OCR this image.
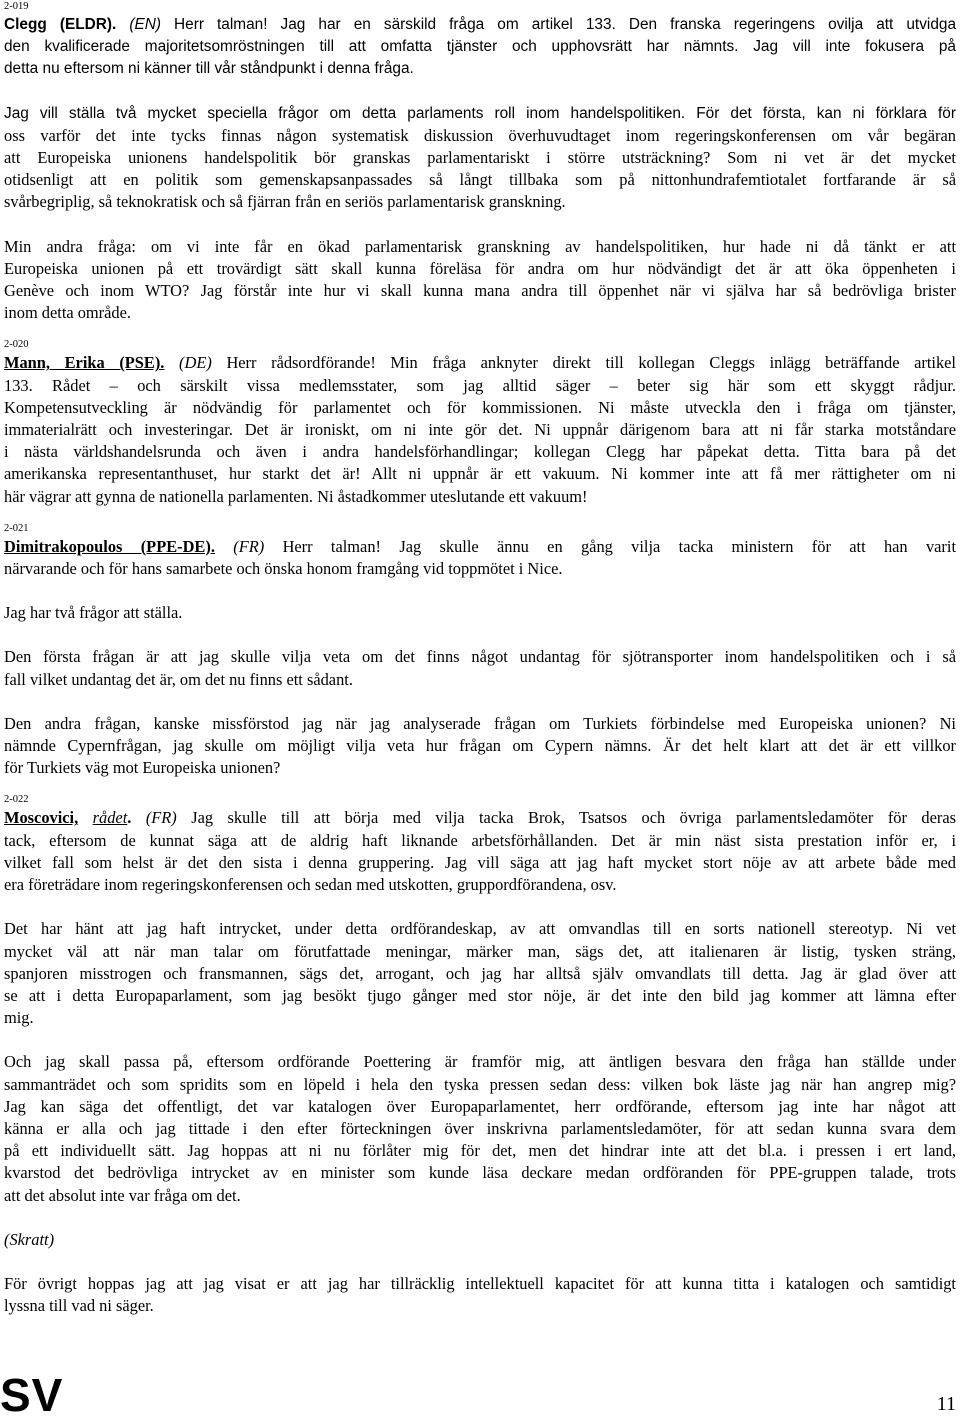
2-019
Clegg (ELDR). (EN) Herr talman! Jag har en särskild fråga om artikel 133. Den franska regeringens ovilja att utvidga
den kvalificerade majoritetsomröstningen till att omfatta tjänster och upphovsrätt har nämnts. Jag vill inte fokusera på
detta nu eftersom ni känner till vår ståndpunkt i denna fråga.
Jag vill ställa två mycket speciella frågor om detta parlaments roll inom handelspolitiken. För det första, kan ni förklara för
oss varför det inte tycks finnas någon systematisk diskussion överhuvudtaget inom regeringskonferensen om vår begäran
att Europeiska unionens handelspolitik bör granskas parlamentariskt i större utsträckning? Som ni vet är det mycket
otidsenligt att en politik som gemenskapsanpassades så långt tillbaka som på nittonhundrafemtiotalet fortfarande är så
svårbegriplig, så teknokratisk och så fjärran från en seriös parlamentarisk granskning.
Min andra fråga: om vi inte får en ökad parlamentarisk granskning av handelspolitiken, hur hade ni då tänkt er att
Europeiska unionen på ett trovärdigt sätt skall kunna föreläsa för andra om hur nödvändigt det är att öka öppenheten i
Genève och inom WTO? Jag förstår inte hur vi skall kunna mana andra till öppenhet när vi själva har så bedrövliga brister
inom detta område.
2-020
Mann, Erika (PSE). (DE) Herr rådsordförande! Min fråga anknyter direkt till kollegan Cleggs inlägg beträffande artikel
133. Rådet – och särskilt vissa medlemsstater, som jag alltid säger – beter sig här som ett skyggt rådjur.
Kompetensutveckling är nödvändig för parlamentet och för kommissionen. Ni måste utveckla den i fråga om tjänster,
immaterialrätt och investeringar. Det är ironiskt, om ni inte gör det. Ni uppnår därigenom bara att ni får starka motståndare
i nästa världshandelsrunda och även i andra handelsförhandlingar; kollegan Clegg har påpekat detta. Titta bara på det
amerikanska representanthuset, hur starkt det är! Allt ni uppnår är ett vakuum. Ni kommer inte att få mer rättigheter om ni
här vägrar att gynna de nationella parlamenten. Ni åstadkommer uteslutande ett vakuum!
2-021
Dimitrakopoulos (PPE-DE). (FR) Herr talman! Jag skulle ännu en gång vilja tacka ministern för att han varit
närvarande och för hans samarbete och önska honom framgång vid toppmötet i Nice.
Jag har två frågor att ställa.
Den första frågan är att jag skulle vilja veta om det finns något undantag för sjötransporter inom handelspolitiken och i så
fall vilket undantag det är, om det nu finns ett sådant.
Den andra frågan, kanske missförstod jag när jag analyserade frågan om Turkiets förbindelse med Europeiska unionen? Ni
nämnde Cypernfrågan, jag skulle om möjligt vilja veta hur frågan om Cypern nämns. Är det helt klart att det är ett villkor
för Turkiets väg mot Europeiska unionen?
2-022
Moscovici, rådet. (FR) Jag skulle till att börja med vilja tacka Brok, Tsatsos och övriga parlamentsledamöter för deras
tack, eftersom de kunnat säga att de aldrig haft liknande arbetsförhållanden. Det är min näst sista prestation inför er, i
vilket fall som helst är det den sista i denna gruppering. Jag vill säga att jag haft mycket stort nöje av att arbete både med
era företrädare inom regeringskonferensen och sedan med utskotten, gruppordförandena, osv.
Det har hänt att jag haft intrycket, under detta ordförandeskap, av att omvandlas till en sorts nationell stereotyp. Ni vet
mycket väl att när man talar om förutfattade meningar, märker man, sägs det, att italienaren är listig, tysken sträng,
spanjoren misstrogen och fransmannen, sägs det, arrogant, och jag har alltså själv omvandlats till detta. Jag är glad över att
se att i detta Europaparlament, som jag besökt tjugo gånger med stor nöje, är det inte den bild jag kommer att lämna efter
mig.
Och jag skall passa på, eftersom ordförande Poettering är framför mig, att äntligen besvara den fråga han ställde under
sammanträdet och som spridits som en löpeld i hela den tyska pressen sedan dess: vilken bok läste jag när han angrep mig?
Jag kan säga det offentligt, det var katalogen över Europaparlamentet, herr ordförande, eftersom jag inte har något att
känna er alla och jag tittade i den efter förteckningen över inskrivna parlamentsledamöter, för att sedan kunna svara dem
på ett individuellt sätt. Jag hoppas att ni nu förlåter mig för det, men det hindrar inte att det bl.a. i pressen i ert land,
kvarstod det bedrövliga intrycket av en minister som kunde läsa deckare medan ordföranden för PPE-gruppen talade, trots
att det absolut inte var fråga om det.
(Skratt)
För övrigt hoppas jag att jag visat er att jag har tillräcklig intellektuell kapacitet för att kunna titta i katalogen och samtidigt
lyssna till vad ni säger.
SV	11
